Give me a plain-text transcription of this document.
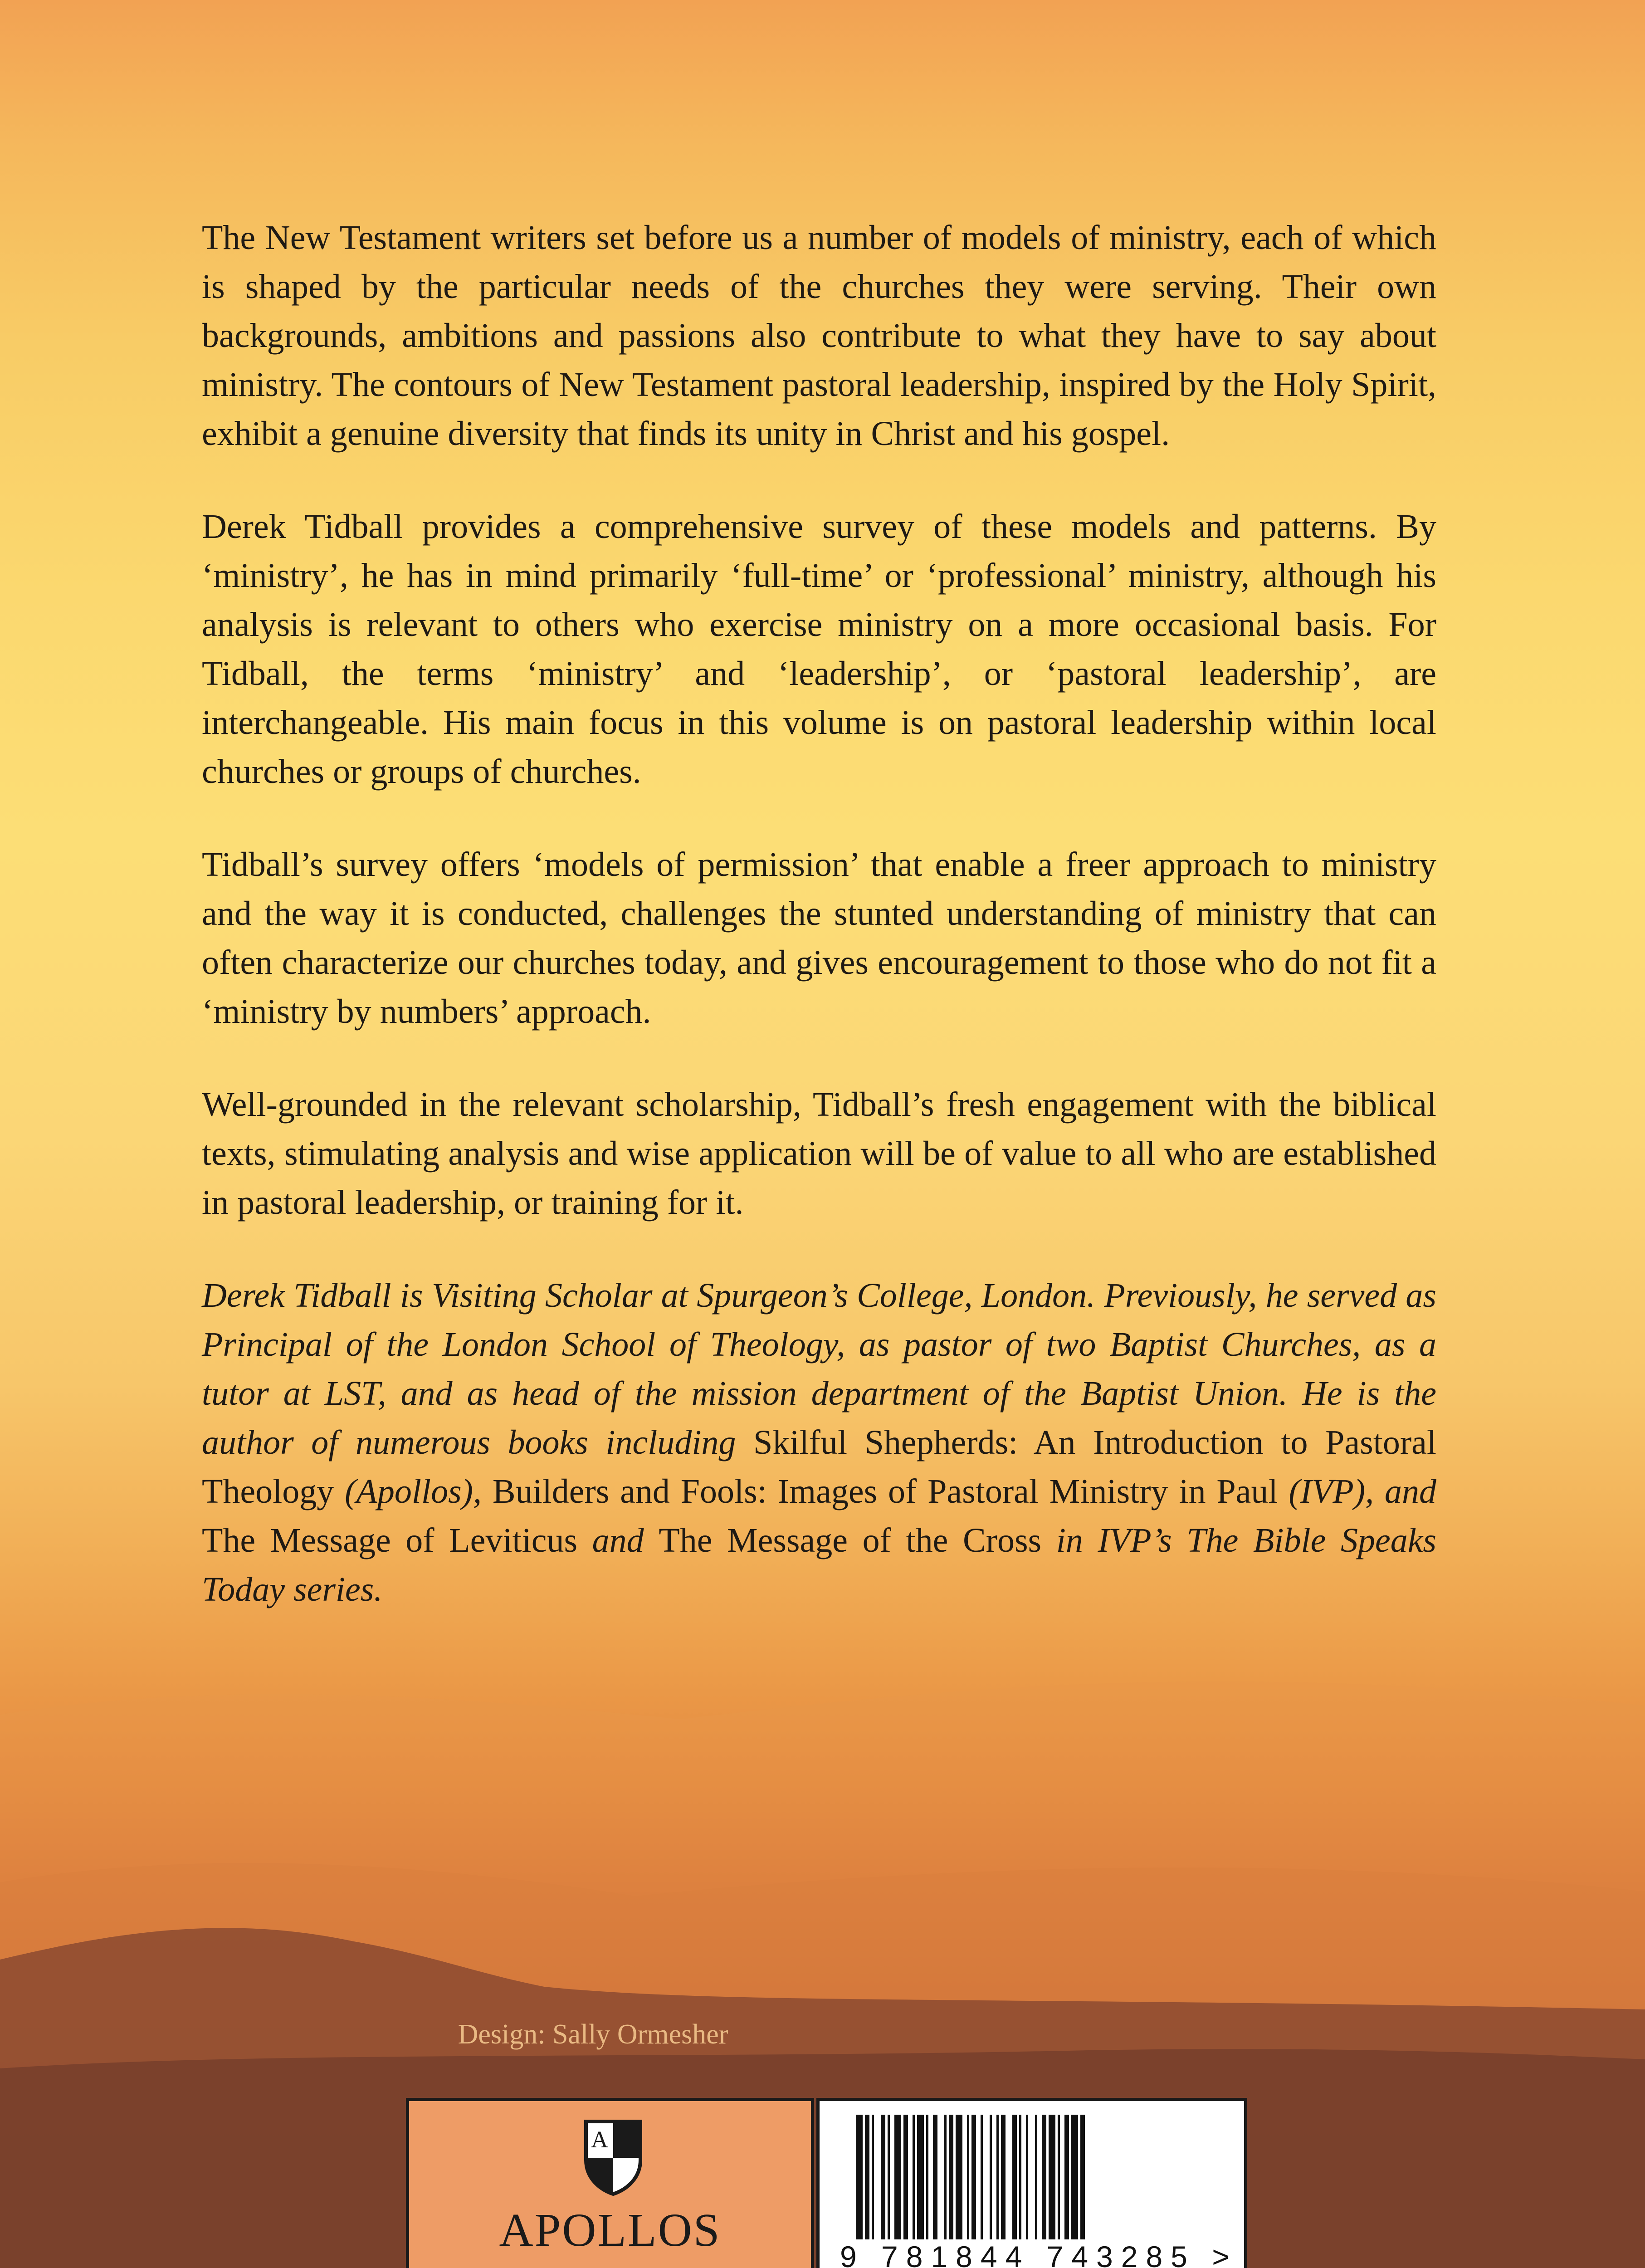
The New Testament writers set before us a number of models of ministry, each of which is shaped by the particular needs of the churches they were serving. Their own backgrounds, ambitions and passions also contribute to what they have to say about ministry. The contours of New Testament pastoral leadership, inspired by the Holy Spirit, exhibit a genuine diversity that finds its unity in Christ and his gospel.

Derek Tidball provides a comprehensive survey of these models and patterns. By ‘ministry’, he has in mind primarily ‘full-time’ or ‘professional’ ministry, although his analysis is relevant to others who exercise ministry on a more occasional basis. For Tidball, the terms ‘ministry’ and ‘leadership’, or ‘pastoral leadership’, are interchangeable. His main focus in this volume is on pastoral leadership within local churches or groups of churches.

Tidball’s survey offers ‘models of permission’ that enable a freer approach to ministry and the way it is conducted, challenges the stunted understanding of ministry that can often characterize our churches today, and gives encouragement to those who do not fit a ‘ministry by numbers’ approach.

Well-grounded in the relevant scholarship, Tidball’s fresh engagement with the biblical texts, stimulating analysis and wise application will be of value to all who are established in pastoral leadership, or training for it.

Derek Tidball is Visiting Scholar at Spurgeon’s College, London. Previously, he served as Principal of the London School of Theology, as pastor of two Baptist Churches, as a tutor at LST, and as head of the mission department of the Baptist Union. He is the author of numerous books including Skilful Shepherds: An Introduction to Pastoral Theology (Apollos), Builders and Fools: Images of Pastoral Ministry in Paul (IVP), and The Message of Leviticus and The Message of the Cross in IVP’s The Bible Speaks Today series.

Design: Sally Ormesher
A
APOLLOS
9 781844 743285 >
